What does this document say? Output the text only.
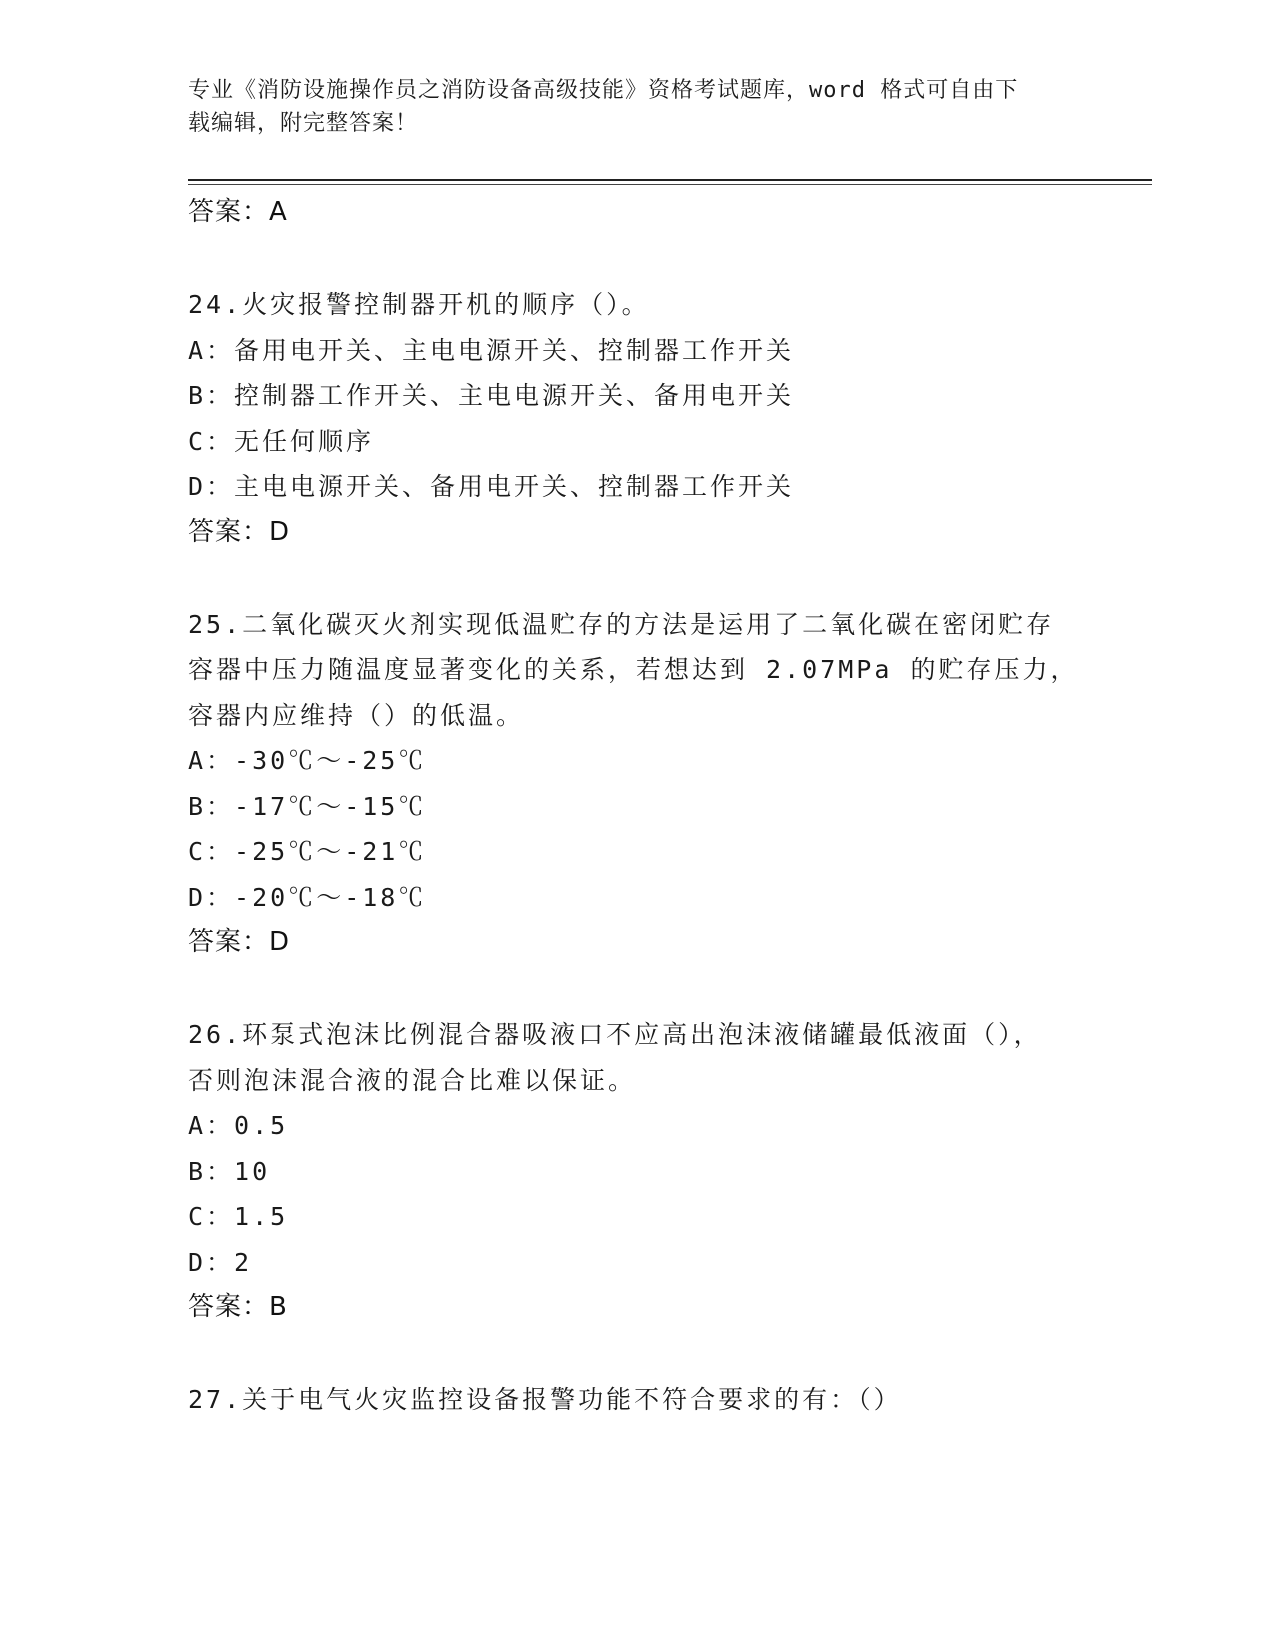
专业《消防设施操作员之消防设备高级技能》资格考试题库，word 格式可自由下
载编辑，附完整答案！
答案：A
24.火灾报警控制器开机的顺序（）。
A：备用电开关、主电电源开关、控制器工作开关
B：控制器工作开关、主电电源开关、备用电开关
C：无任何顺序
D：主电电源开关、备用电开关、控制器工作开关
答案：D
25.二氧化碳灭火剂实现低温贮存的方法是运用了二氧化碳在密闭贮存
容器中压力随温度显著变化的关系，若想达到 2.07MPa 的贮存压力，
容器内应维持（）的低温。
A：-30℃～-25℃
B：-17℃～-15℃
C：-25℃～-21℃
D：-20℃～-18℃
答案：D
26.环泵式泡沫比例混合器吸液口不应高出泡沫液储罐最低液面（），
否则泡沫混合液的混合比难以保证。
A：0.5
B：10
C：1.5
D：2
答案：B
27.关于电气火灾监控设备报警功能不符合要求的有：（）
